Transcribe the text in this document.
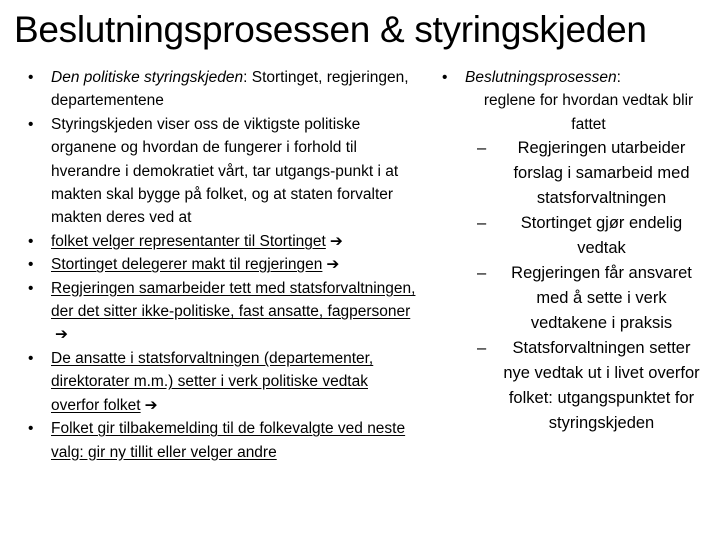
Beslutningsprosessen & styringskjeden
• Den politiske styringskjeden: Stortinget, regjeringen, departementene
• Styringskjeden viser oss de viktigste politiske organene og hvordan de fungerer i forhold til hverandre i demokratiet vårt, tar utgangs-punkt i at makten skal bygge på folket, og at staten forvalter makten deres ved at
• folket velger representanter til Stortinget ➔
• Stortinget delegerer makt til regjeringen ➔
• Regjeringen samarbeider tett med statsforvaltningen, der det sitter ikke-politiske, fast ansatte, fagpersoner➔
• De ansatte i statsforvaltningen (departementer, direktorater m.m.) setter i verk politiske vedtak overfor folket ➔
• Folket gir tilbakemelding til de folkevalgte ved neste valg: gir ny tillit eller velger andre
• Beslutningsprosessen:
reglene for hvordan vedtak blir fattet
– Regjeringen utarbeider forslag i samarbeid med statsforvaltningen
– Stortinget gjør endelig vedtak
– Regjeringen får ansvaret med å sette i verk vedtakene i praksis
– Statsforvaltningen setter nye vedtak ut i livet overfor folket: utgangspunktet for styringskjeden
